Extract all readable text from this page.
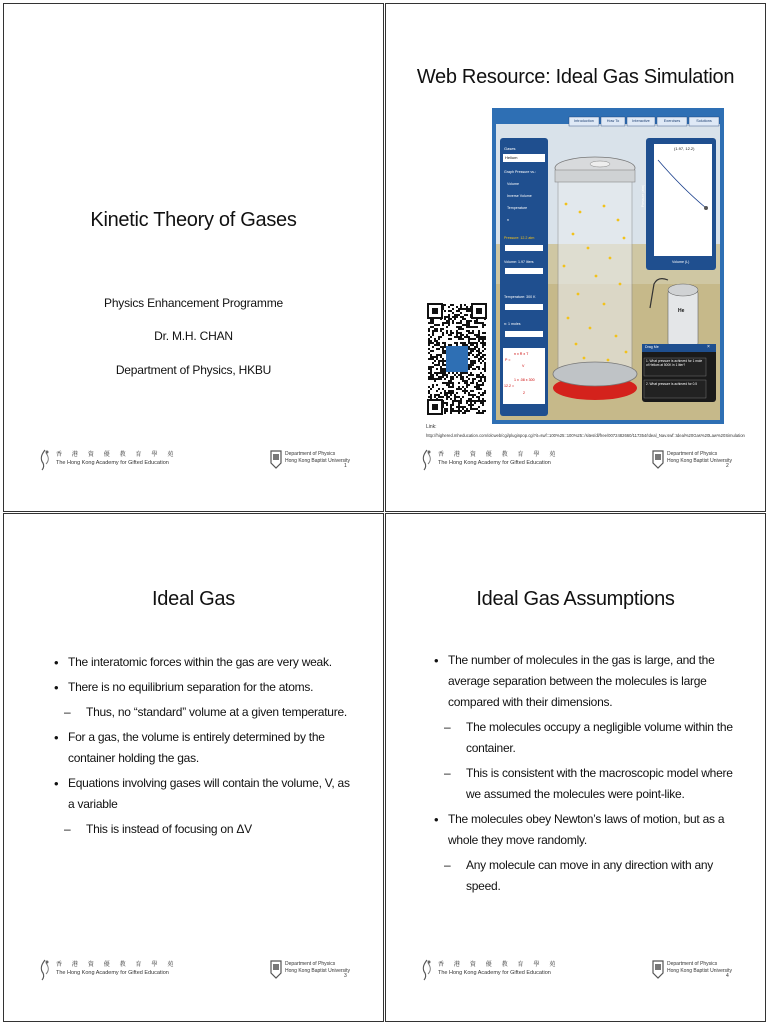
Kinetic Theory of Gases
Physics Enhancement Programme
Dr. M.H. CHAN
Department of Physics, HKBU
香 港 資 優 教 育 學 苑
The Hong Kong Academy for Gifted Education
Department of Physics
Hong Kong Baptist University
1
Web Resource: Ideal Gas Simulation
Introduction	How To	Interactive	Exercises	Solutions
Gases
Helium
Graph Pressure vs.:
Volume
Inverse Volume
Temperature
n
Pressure: 12.2 atm
Volume: 1.97 liters
Temperature: 300 K
n: 1 moles
n x R x T
P =
V
1 x .08 x 300
12.2 =
2
(1.97, 12.2)
Pressure (atm)
Volume (L)
He
Drag Me	×
1. What pressure is achieved for 1 mole of Helium at 500K in 1 liter?
2. What pressure is achieved for 0.5
Link:
http://highered.mheducation.com/olcweb/cgi/pluginpop.cgi?it=swf::100%25::100%25::/sites/dl/free/0072482660/117354/Ideal_Nav.swf::Ideal%20Gas%20Law%20Simulation
香 港 資 優 教 育 學 苑
The Hong Kong Academy for Gifted Education
Department of Physics
Hong Kong Baptist University
2
Ideal Gas
• The interatomic forces within the gas are very weak.
• There is no equilibrium separation for the atoms.
– Thus, no “standard” volume at a given temperature.
• For a gas, the volume is entirely determined by the container holding the gas.
• Equations involving gases will contain the volume, V, as a variable
– This is instead of focusing on ΔV
香 港 資 優 教 育 學 苑
The Hong Kong Academy for Gifted Education
Department of Physics
Hong Kong Baptist University
3
Ideal Gas Assumptions
• The number of molecules in the gas is large, and the average separation between the molecules is large compared with their dimensions.
– The molecules occupy a negligible volume within the container.
– This is consistent with the macroscopic model where we assumed the molecules were point-like.
• The molecules obey Newton’s laws of motion, but as a whole they move randomly.
– Any molecule can move in any direction with any speed.
香 港 資 優 教 育 學 苑
The Hong Kong Academy for Gifted Education
Department of Physics
Hong Kong Baptist University
4
